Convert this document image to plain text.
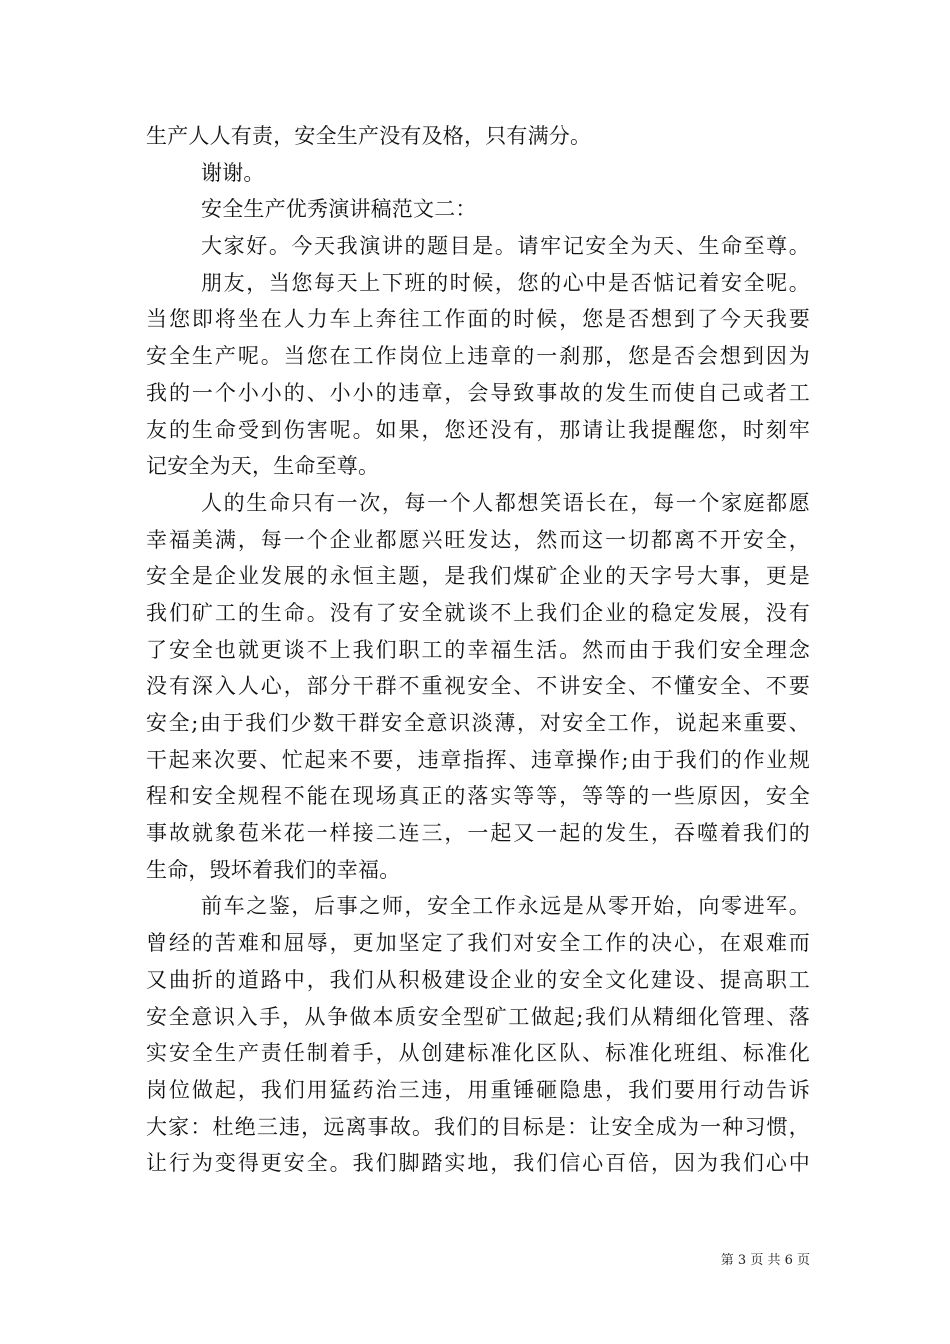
生产人人有责，安全生产没有及格，只有满分。
谢谢。
安全生产优秀演讲稿范文二：
大家好。今天我演讲的题目是。请牢记安全为天、生命至尊。
朋友，当您每天上下班的时候，您的心中是否惦记着安全呢。
当您即将坐在人力车上奔往工作面的时候，您是否想到了今天我要
安全生产呢。当您在工作岗位上违章的一刹那，您是否会想到因为
我的一个小小的、小小的违章，会导致事故的发生而使自己或者工
友的生命受到伤害呢。如果，您还没有，那请让我提醒您，时刻牢
记安全为天，生命至尊。
人的生命只有一次，每一个人都想笑语长在，每一个家庭都愿
幸福美满，每一个企业都愿兴旺发达，然而这一切都离不开安全，
安全是企业发展的永恒主题，是我们煤矿企业的天字号大事，更是
我们矿工的生命。没有了安全就谈不上我们企业的稳定发展，没有
了安全也就更谈不上我们职工的幸福生活。然而由于我们安全理念
没有深入人心，部分干群不重视安全、不讲安全、不懂安全、不要
安全;由于我们少数干群安全意识淡薄，对安全工作，说起来重要、
干起来次要、忙起来不要，违章指挥、违章操作;由于我们的作业规
程和安全规程不能在现场真正的落实等等，等等的一些原因，安全
事故就象苞米花一样接二连三，一起又一起的发生，吞噬着我们的
生命，毁坏着我们的幸福。
前车之鉴，后事之师，安全工作永远是从零开始，向零进军。
曾经的苦难和屈辱，更加坚定了我们对安全工作的决心，在艰难而
又曲折的道路中，我们从积极建设企业的安全文化建设、提高职工
安全意识入手，从争做本质安全型矿工做起;我们从精细化管理、落
实安全生产责任制着手，从创建标准化区队、标准化班组、标准化
岗位做起，我们用猛药治三违，用重锤砸隐患，我们要用行动告诉
大家：杜绝三违，远离事故。我们的目标是：让安全成为一种习惯，
让行为变得更安全。我们脚踏实地，我们信心百倍，因为我们心中
第 3 页 共 6 页
